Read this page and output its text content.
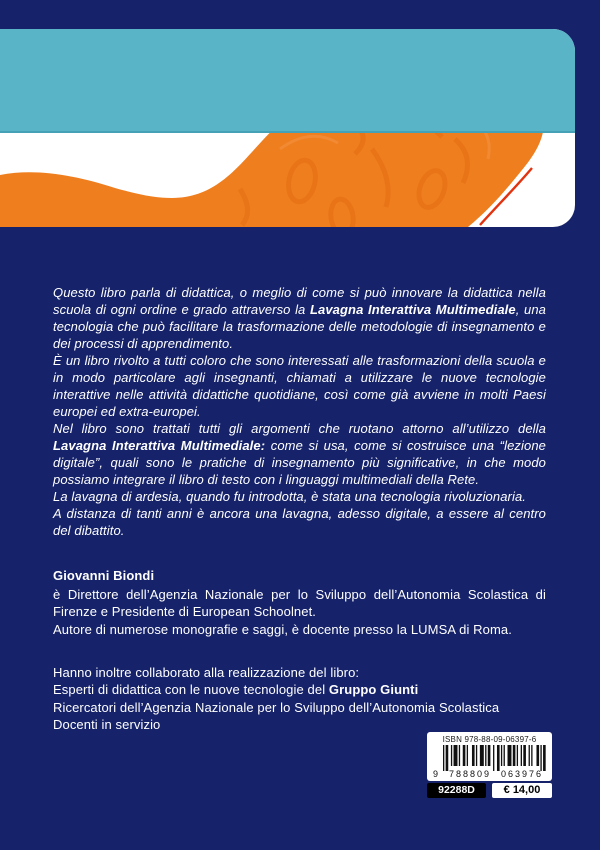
Questo libro parla di didattica, o meglio di come si può innovare la didattica nella scuola di ogni ordine e grado attraverso la Lavagna Interattiva Multimediale, una tecnologia che può facilitare la trasformazione delle metodologie di insegnamento e dei processi di apprendimento.

È un libro rivolto a tutti coloro che sono interessati alle trasformazioni della scuola e in modo particolare agli insegnanti, chiamati a utilizzare le nuove tecnologie interattive nelle attività didattiche quotidiane, così come già avviene in molti Paesi europei ed extra-europei.

Nel libro sono trattati tutti gli argomenti che ruotano attorno all’utilizzo della Lavagna Interattiva Multimediale: come si usa, come si costruisce una “lezione digitale”, quali sono le pratiche di insegnamento più significative, in che modo possiamo integrare il libro di testo con i linguaggi multimediali della Rete.

La lavagna di ardesia, quando fu introdotta, è stata una tecnologia rivoluzionaria.

A distanza di tanti anni è ancora una lavagna, adesso digitale, a essere al centro del dibattito.

Giovanni Biondi

è Direttore dell’Agenzia Nazionale per lo Sviluppo dell’Autonomia Scolastica di Firenze e Presidente di European Schoolnet.

Autore di numerose monografie e saggi, è docente presso la LUMSA di Roma.

Hanno inoltre collaborato alla realizzazione del libro:
Esperti di didattica con le nuove tecnologie del Gruppo Giunti
Ricercatori dell’Agenzia Nazionale per lo Sviluppo dell’Autonomia Scolastica
Docenti in servizio
ISBN 978-88-09-06397-6
9 788809 063976
92288D	€ 14,00
